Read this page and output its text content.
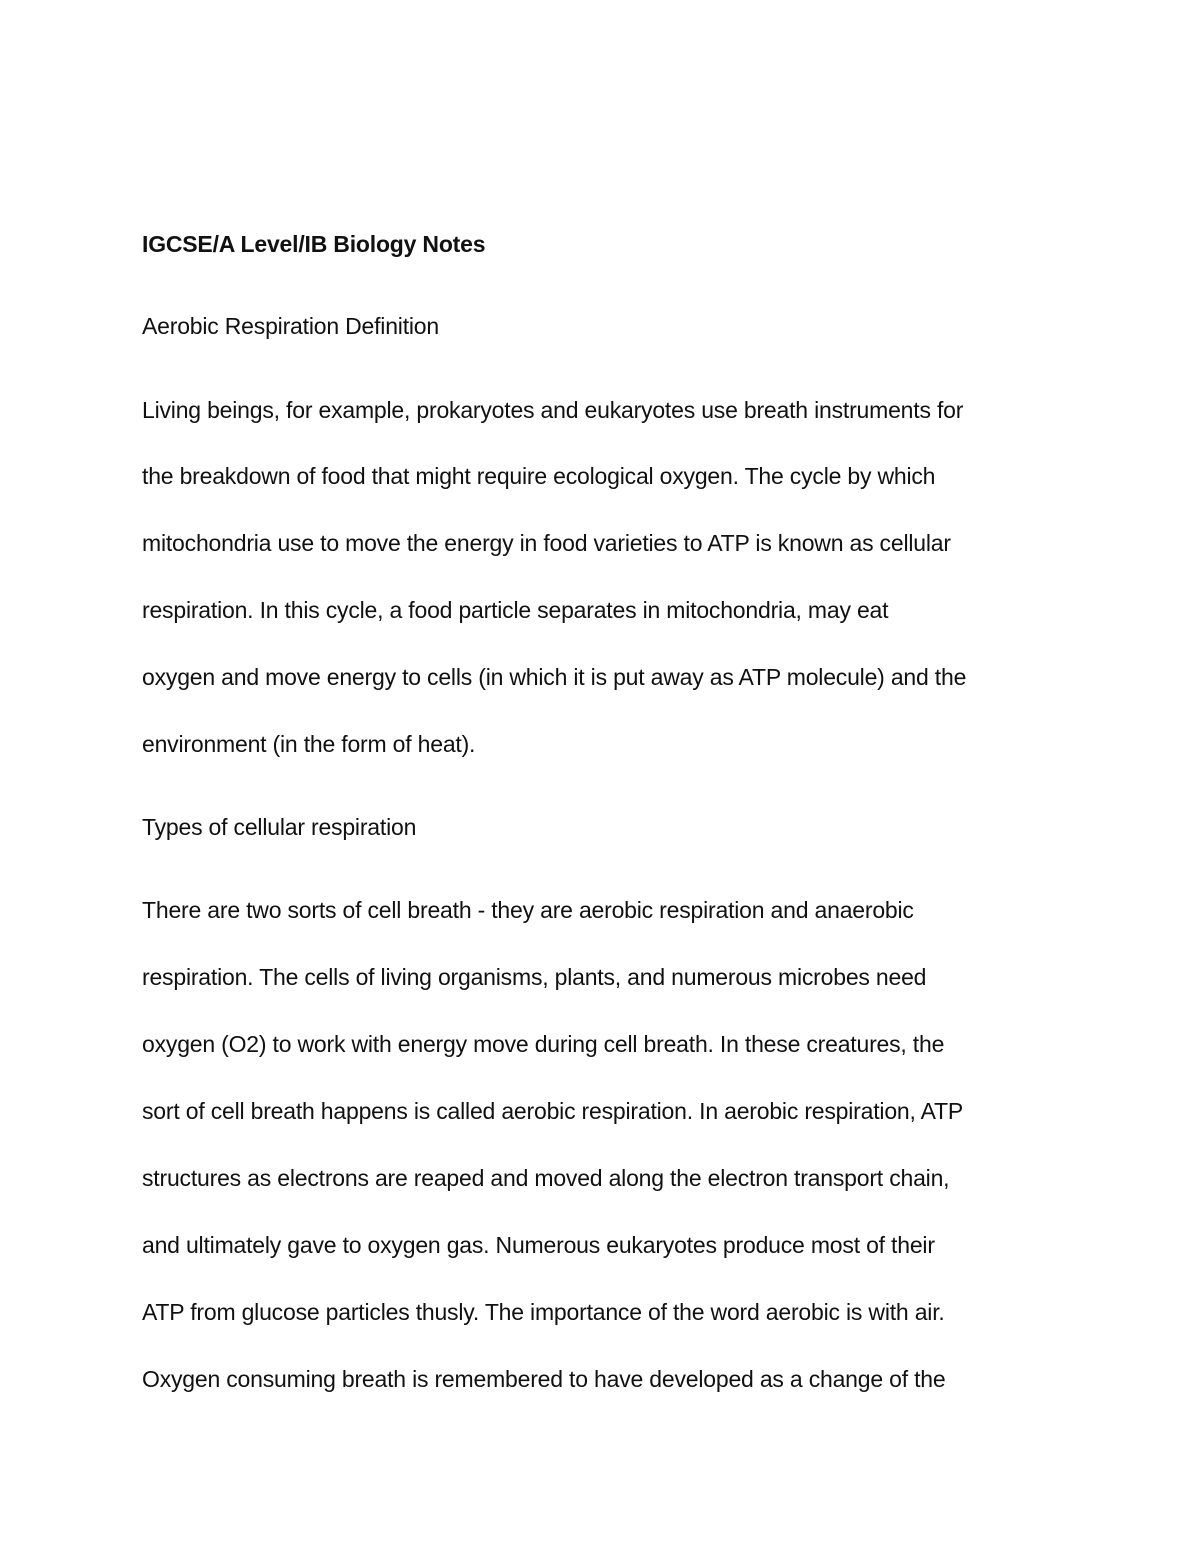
IGCSE/A Level/IB Biology Notes
Aerobic Respiration Definition
Living beings, for example, prokaryotes and eukaryotes use breath instruments for
the breakdown of food that might require ecological oxygen. The cycle by which
mitochondria use to move the energy in food varieties to ATP is known as cellular
respiration. In this cycle, a food particle separates in mitochondria, may eat
oxygen and move energy to cells (in which it is put away as ATP molecule) and the
environment (in the form of heat).
Types of cellular respiration
There are two sorts of cell breath - they are aerobic respiration and anaerobic
respiration. The cells of living organisms, plants, and numerous microbes need
oxygen (O2) to work with energy move during cell breath. In these creatures, the
sort of cell breath happens is called aerobic respiration. In aerobic respiration, ATP
structures as electrons are reaped and moved along the electron transport chain,
and ultimately gave to oxygen gas. Numerous eukaryotes produce most of their
ATP from glucose particles thusly. The importance of the word aerobic is with air.
Oxygen consuming breath is remembered to have developed as a change of the
